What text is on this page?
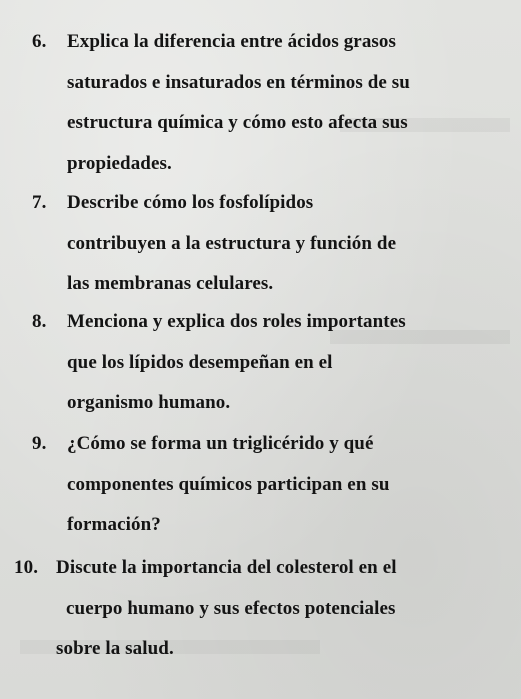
6. Explica la diferencia entre ácidos grasos
saturados e insaturados en términos de su
estructura química y cómo esto afecta sus
propiedades.
7. Describe cómo los fosfolípidos
contribuyen a la estructura y función de
las membranas celulares.
8. Menciona y explica dos roles importantes
que los lípidos desempeñan en el
organismo humano.
9. ¿Cómo se forma un triglicérido y qué
componentes químicos participan en su
formación?
10. Discute la importancia del colesterol en el
cuerpo humano y sus efectos potenciales
sobre la salud.
